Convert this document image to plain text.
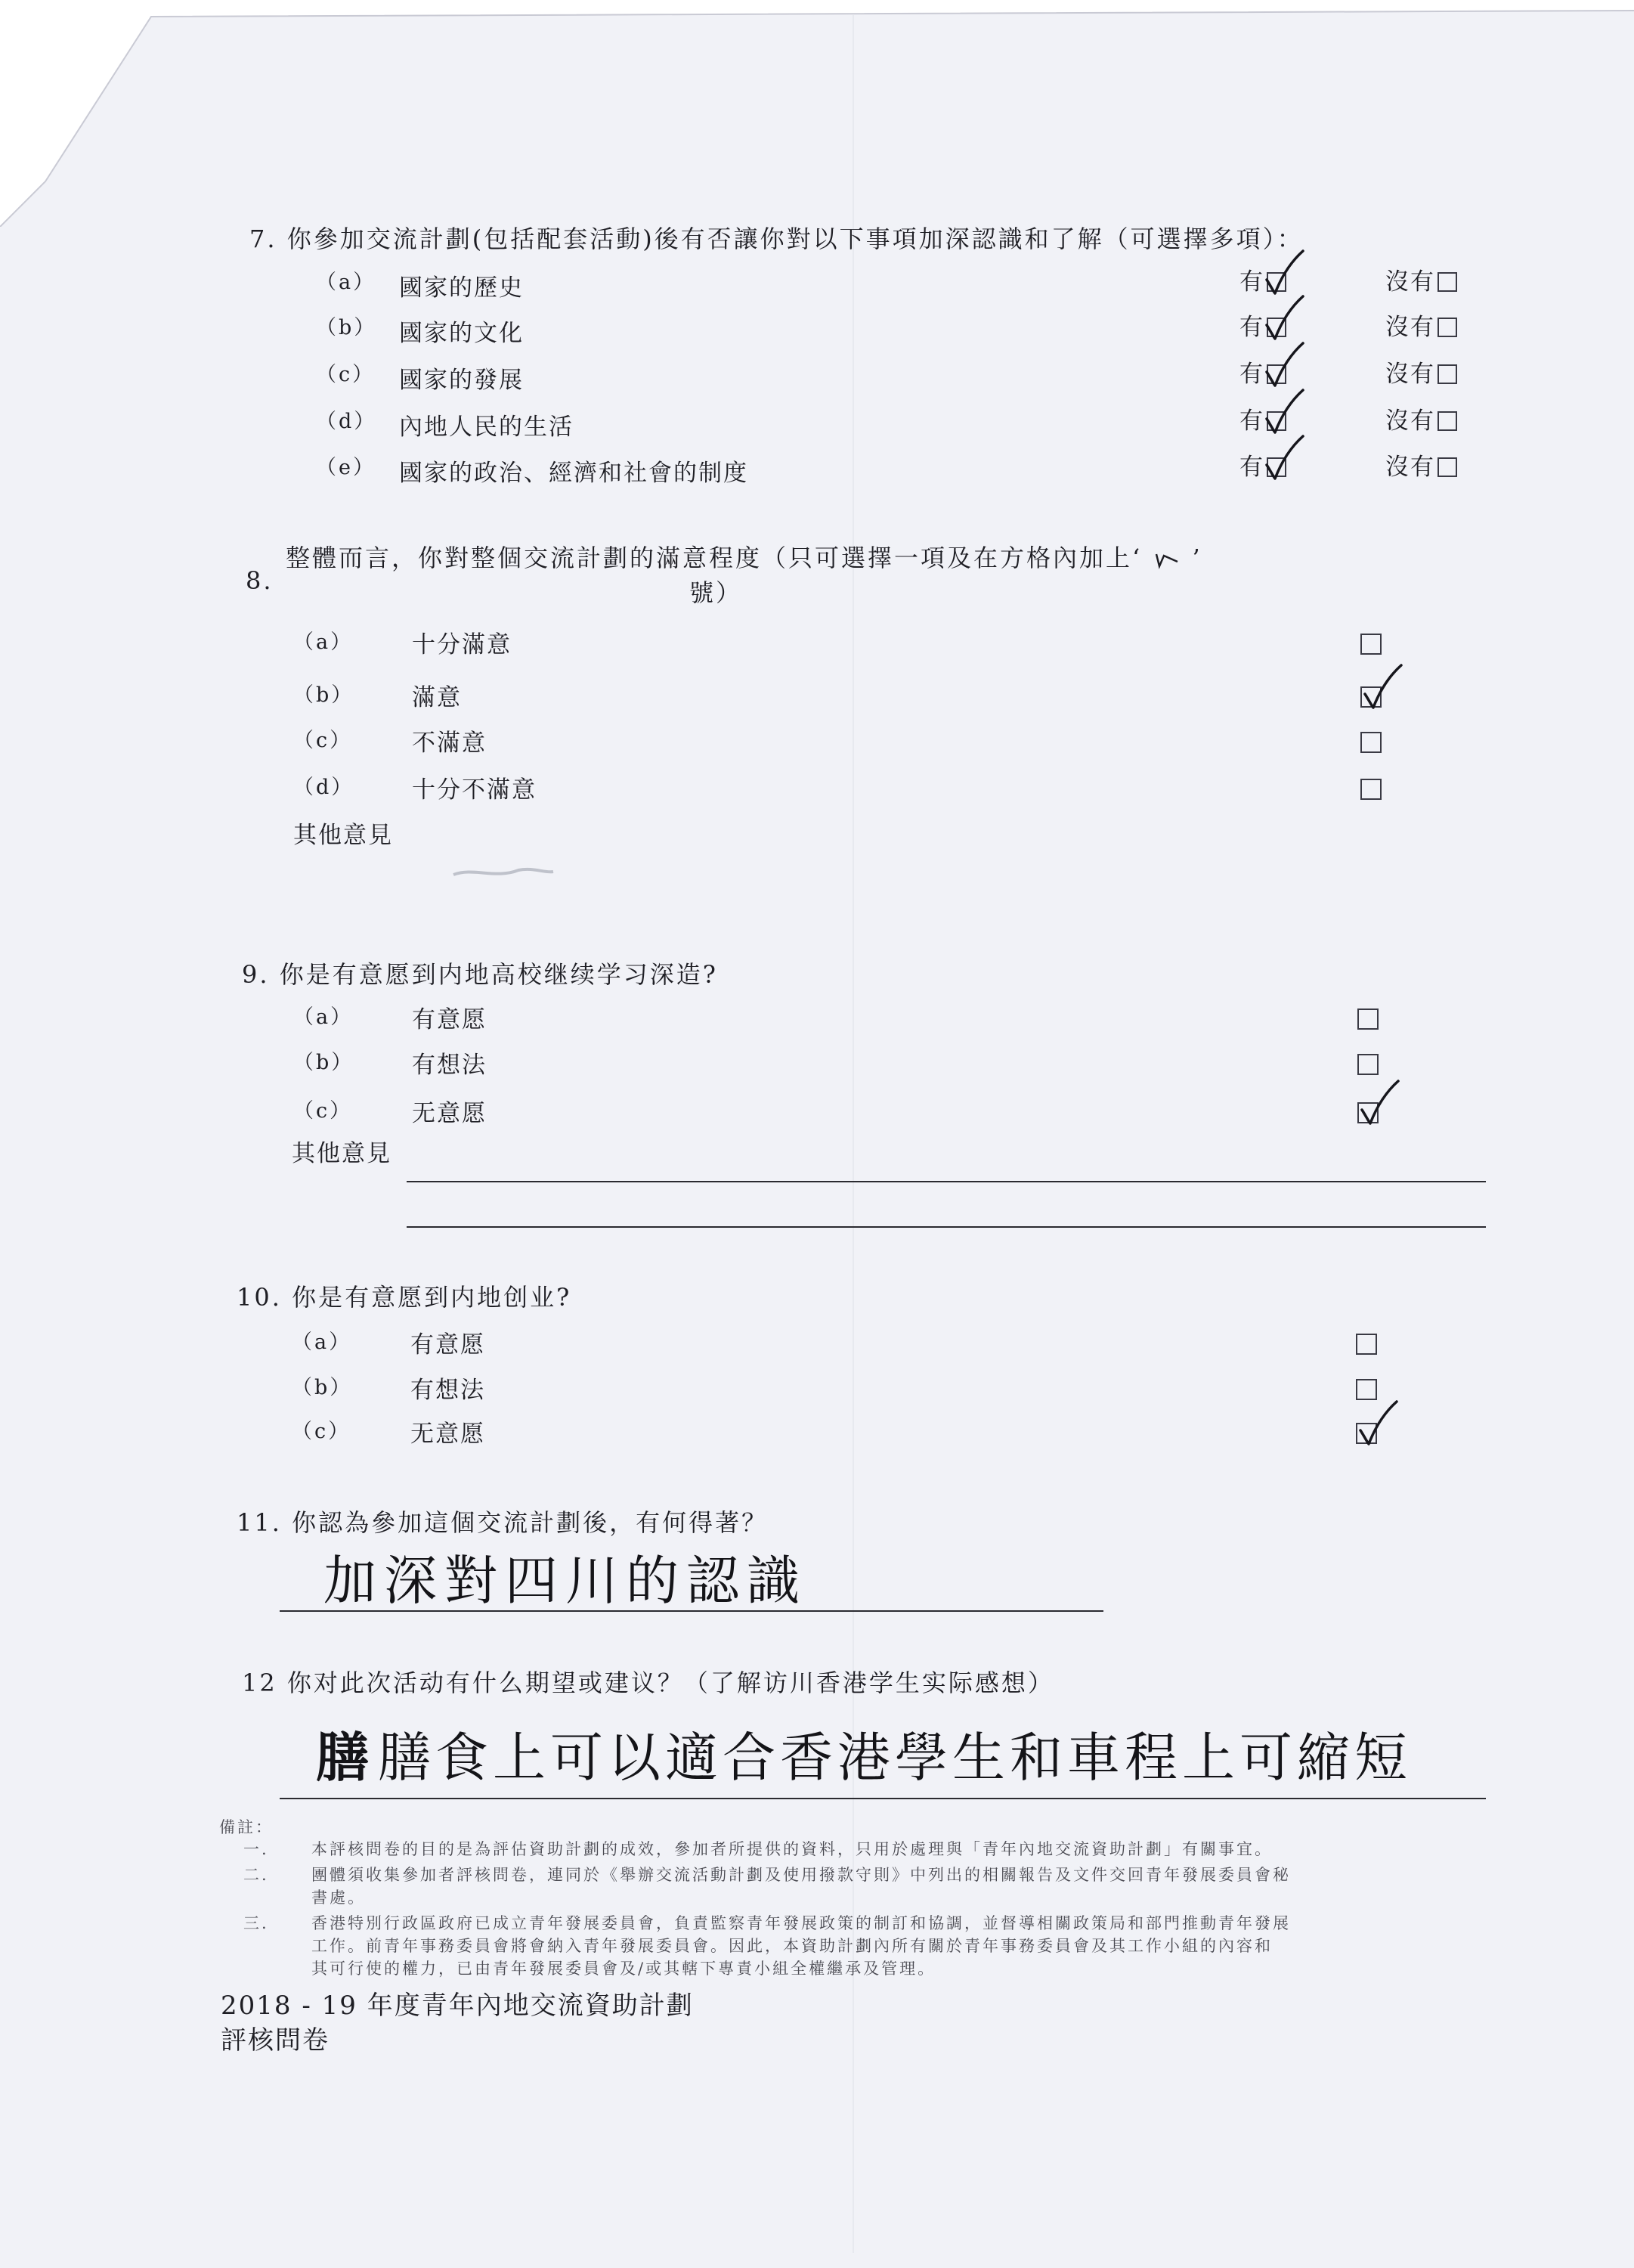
7. 你參加交流計劃(包括配套活動)後有否讓你對以下事項加深認識和了解（可選擇多項）：
（a） 國家的歷史	有	沒有
（b） 國家的文化	有	沒有
（c） 國家的發展	有	沒有
（d） 內地人民的生活	有	沒有
（e） 國家的政治、經濟和社會的制度	有	沒有
8.
整體而言，你對整個交流計劃的滿意程度（只可選擇一項及在方格內加上‘ ’
號）
（a）	十分滿意
（b） 滿意
（c）	不滿意
（d） 十分不滿意
其他意見
9. 你是有意愿到内地高校继续学习深造?
（a）	有意愿
（b） 有想法
（c）	无意愿
其他意見
10. 你是有意愿到内地创业?
（a）	有意愿
（b） 有想法
（c）	无意愿
11. 你認為參加這個交流計劃後，有何得著？
加深對四川的認識
12 你对此次活动有什么期望或建议？（了解访川香港学生实际感想）
膳 膳食上可以適合香港學生和車程上可縮短
備註：
一.	本評核問卷的目的是為評估資助計劃的成效，參加者所提供的資料，只用於處理與「青年內地交流資助計劃」有關事宜。
二.	團體須收集參加者評核問卷，連同於《舉辦交流活動計劃及使用撥款守則》中列出的相關報告及文件交回青年發展委員會秘
書處。
三.	香港特別行政區政府已成立青年發展委員會，負責監察青年發展政策的制訂和協調，並督導相關政策局和部門推動青年發展
工作。前青年事務委員會將會納入青年發展委員會。因此，本資助計劃內所有關於青年事務委員會及其工作小組的內容和
其可行使的權力，已由青年發展委員會及/或其轄下專責小組全權繼承及管理。
2018 - 19 年度青年內地交流資助計劃
評核問卷
